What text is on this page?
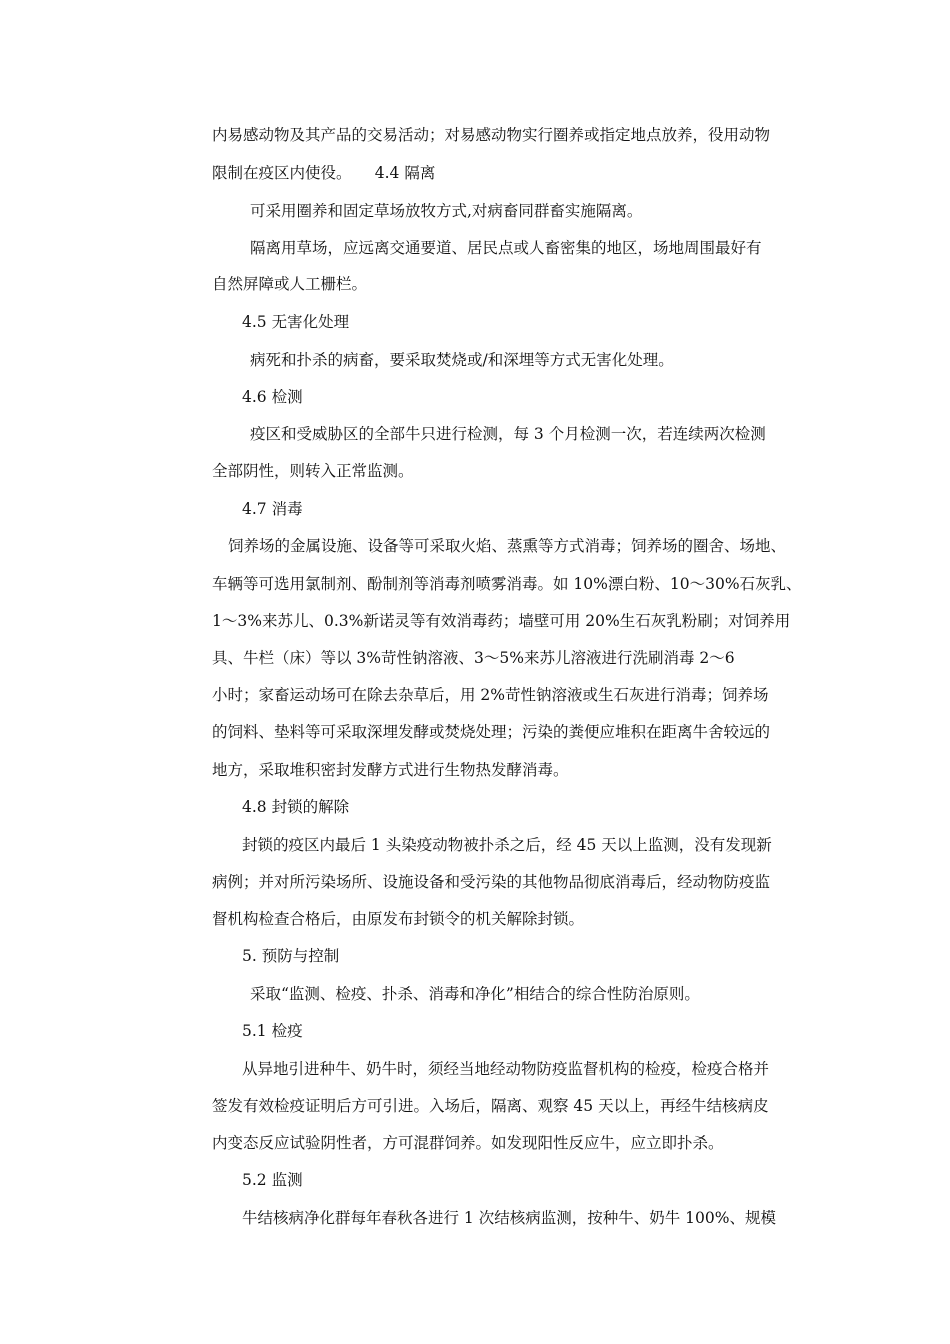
内易感动物及其产品的交易活动；对易感动物实行圈养或指定地点放养，役用动物
限制在疫区内使役。　　4.4 隔离
可采用圈养和固定草场放牧方式,对病畜同群畜实施隔离。
隔离用草场，应远离交通要道、居民点或人畜密集的地区，场地周围最好有
自然屏障或人工栅栏。
4.5 无害化处理
病死和扑杀的病畜，要采取焚烧或/和深埋等方式无害化处理。
4.6 检测
疫区和受威胁区的全部牛只进行检测，每 3 个月检测一次，若连续两次检测
全部阴性，则转入正常监测。
4.7 消毒
饲养场的金属设施、设备等可采取火焰、蒸熏等方式消毒；饲养场的圈舍、场地、
车辆等可选用氯制剂、酚制剂等消毒剂喷雾消毒。如 10%漂白粉、10～30%石灰乳、
1～3%来苏儿、0.3%新诺灵等有效消毒药；墙壁可用 20%生石灰乳粉刷；对饲养用
具、牛栏（床）等以 3%苛性钠溶液、3～5%来苏儿溶液进行洗刷消毒 2～6
小时；家畜运动场可在除去杂草后，用 2%苛性钠溶液或生石灰进行消毒；饲养场
的饲料、垫料等可采取深埋发酵或焚烧处理；污染的粪便应堆积在距离牛舍较远的
地方，采取堆积密封发酵方式进行生物热发酵消毒。
4.8 封锁的解除
封锁的疫区内最后 1 头染疫动物被扑杀之后，经 45 天以上监测，没有发现新
病例；并对所污染场所、设施设备和受污染的其他物品彻底消毒后，经动物防疫监
督机构检查合格后，由原发布封锁令的机关解除封锁。
5. 预防与控制
采取“监测、检疫、扑杀、消毒和净化”相结合的综合性防治原则。
5.1 检疫
从异地引进种牛、奶牛时，须经当地经动物防疫监督机构的检疫，检疫合格并
签发有效检疫证明后方可引进。入场后，隔离、观察 45 天以上，再经牛结核病皮
内变态反应试验阴性者，方可混群饲养。如发现阳性反应牛，应立即扑杀。
5.2 监测
牛结核病净化群每年春秋各进行 1 次结核病监测，按种牛、奶牛 100%、规模
